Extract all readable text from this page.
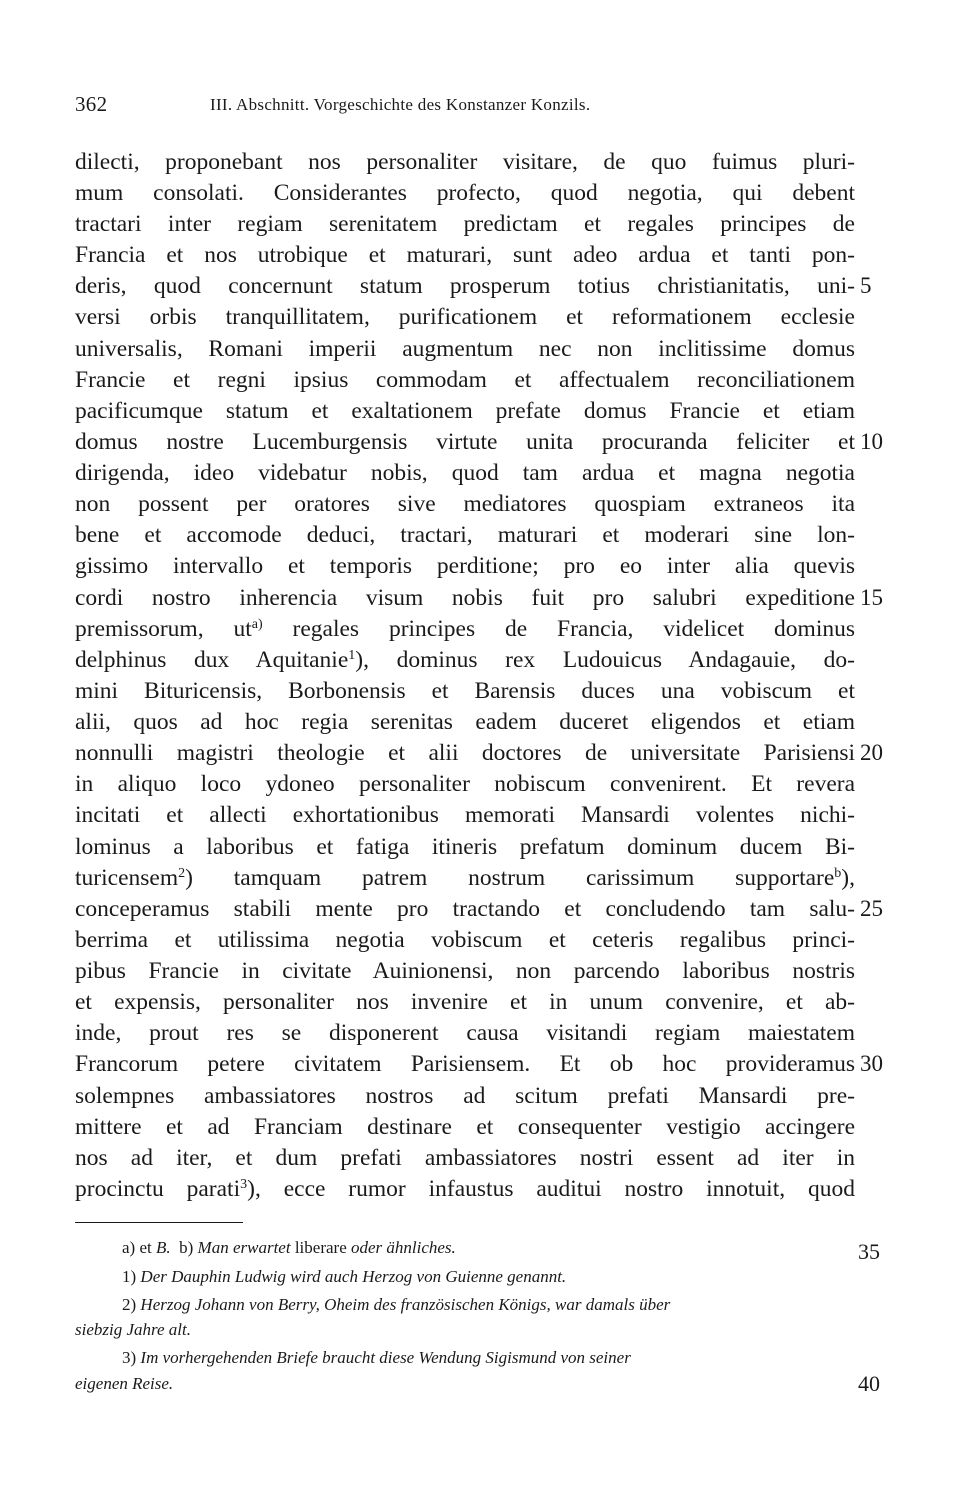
362	III. Abschnitt. Vorgeschichte des Konstanzer Konzils.
dilecti, proponebant nos personaliter visitare, de quo fuimus pluri-
mum consolati. Considerantes profecto, quod negotia, qui debent
tractari inter regiam serenitatem predictam et regales principes de
Francia et nos utrobique et maturari, sunt adeo ardua et tanti pon-
deris, quod concernunt statum prosperum totius christianitatis, uni-
versi orbis tranquillitatem, purificationem et reformationem ecclesie
universalis, Romani imperii augmentum nec non inclitissime domus
Francie et regni ipsius commodam et affectualem reconciliationem
pacificumque statum et exaltationem prefate domus Francie et etiam
domus nostre Lucemburgensis virtute unita procuranda feliciter et
dirigenda, ideo videbatur nobis, quod tam ardua et magna negotia
non possent per oratores sive mediatores quospiam extraneos ita
bene et accomode deduci, tractari, maturari et moderari sine lon-
gissimo intervallo et temporis perditione; pro eo inter alia quevis
cordi nostro inherencia visum nobis fuit pro salubri expeditione
premissorum, $ut^{a)}$ regales principes de Francia, videlicet dominus
delphinus dux Aquitanie$^1$), dominus rex Ludouicus Andagauie, do-
mini Bituricensis, Borbonensis et Barensis duces una vobiscum et
alii, quos ad hoc regia serenitas eadem duceret eligendos et etiam
nonnulli magistri theologie et alii doctores de universitate Parisiensi
in aliquo loco ydoneo personaliter nobiscum convenirent. Et revera
incitati et allecti exhortationibus memorati Mansardi volentes nichi-
lominus a laboribus et fatiga itineris prefatum dominum ducem Bi-
turicensem$^2$) tamquam patrem nostrum carissimum supportare$^b$),
conceperamus stabili mente pro tractando et concludendo tam salu-
berrima et utilissima negotia vobiscum et ceteris regalibus princi-
pibus Francie in civitate Auinionensi, non parcendo laboribus nostris
et expensis, personaliter nos invenire et in unum convenire, et ab-
inde, prout res se disponerent causa visitandi regiam maiestatem
Francorum petere civitatem Parisiensem. Et ob hoc provideramus
solempnes ambassiatores nostros ad scitum prefati Mansardi pre-
mittere et ad Franciam destinare et consequenter vestigio accingere
nos ad iter, et dum prefati ambassiatores nostri essent ad iter in
procinctu parati$^3$), ecce rumor infaustus auditui nostro innotuit, quod
5
10
15
20
25
30
a) et B. b) Man erwartet liberare oder ähnliches.	35
1) Der Dauphin Ludwig wird auch Herzog von Guienne genannt.
2) Herzog Johann von Berry, Oheim des französischen Königs, war damals über
siebzig Jahre alt.
3) Im vorhergehenden Briefe braucht diese Wendung Sigismund von seiner
eigenen Reise.	40
